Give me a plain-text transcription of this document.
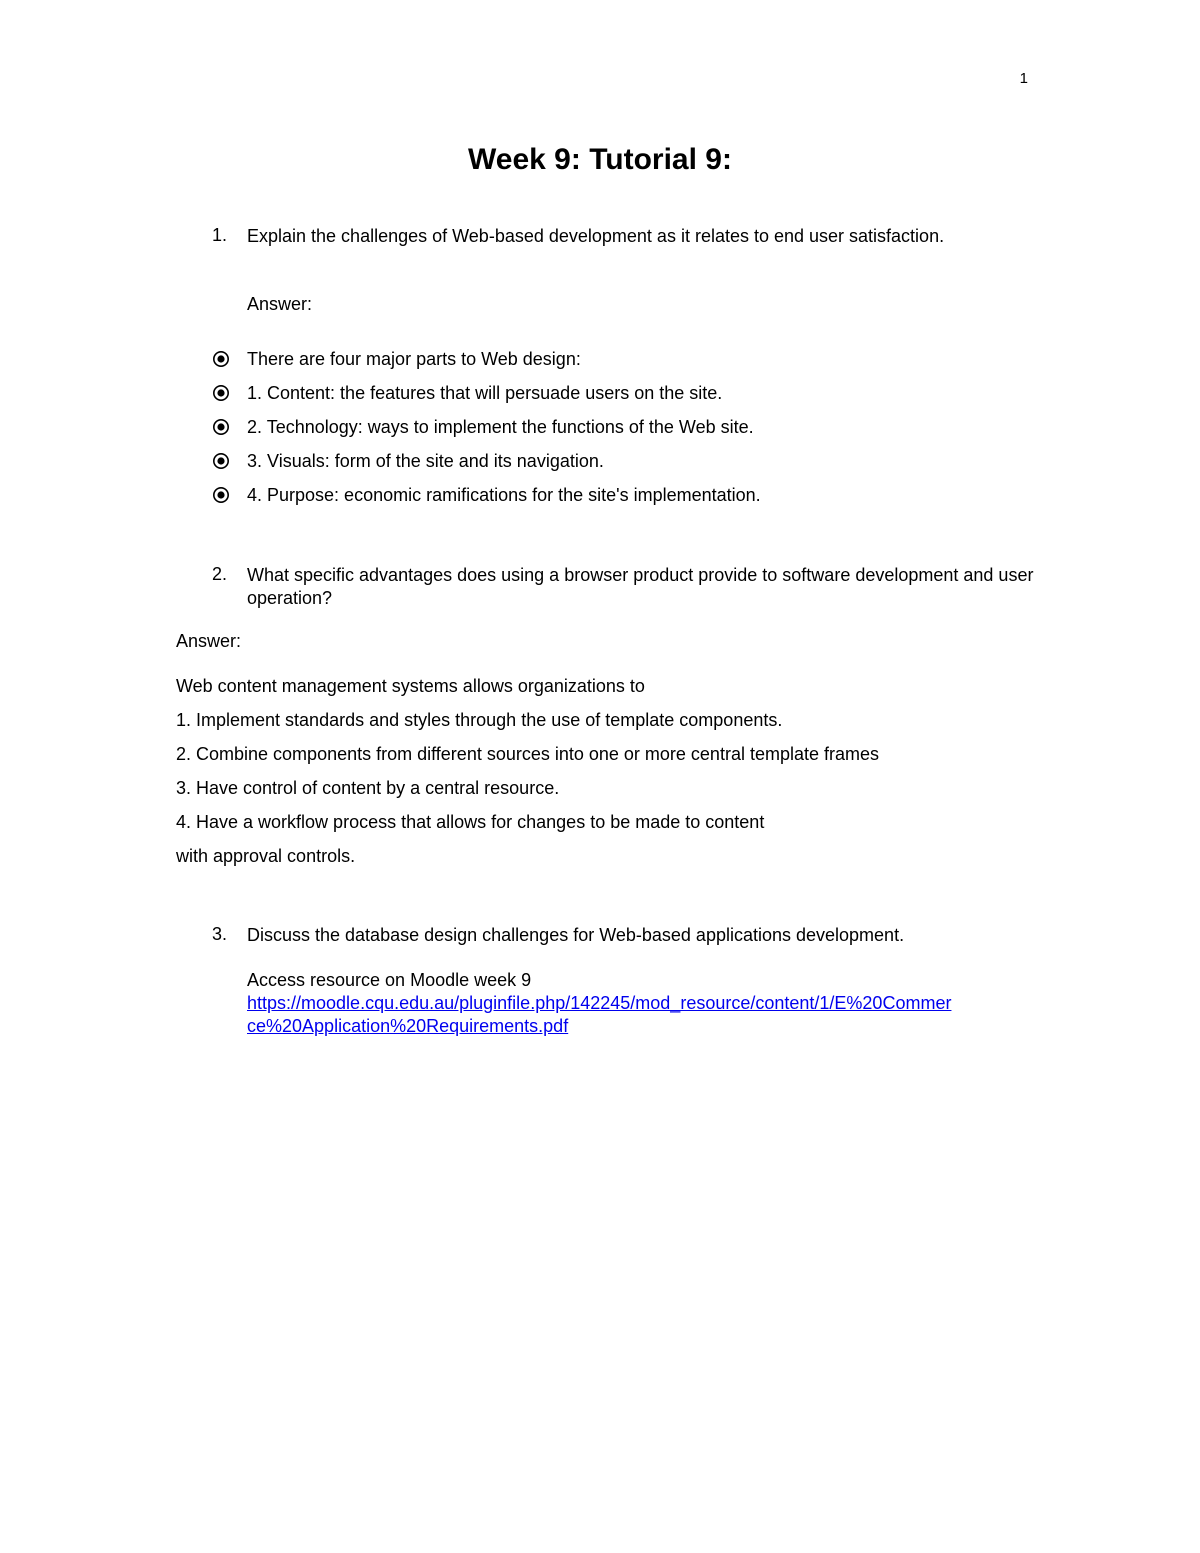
1
Week 9: Tutorial 9:
1.	Explain the challenges of Web-based development as it relates to end user satisfaction.
Answer:
There are four major parts to Web design:
1. Content: the features that will persuade users on the site.
2. Technology: ways to implement the functions of the Web site.
3. Visuals: form of the site and its navigation.
4. Purpose: economic ramifications for the site's implementation.
2.	What specific advantages does using a browser product provide to software development and user operation?
Answer:
Web content management systems allows organizations to
1. Implement standards and styles through the use of template components.
2. Combine components from different sources into one or more central template frames
3. Have control of content by a central resource.
4. Have a workflow process that allows for changes to be made to content
with approval controls.
3.	Discuss the database design challenges for Web-based applications development.
Access resource on Moodle week 9
https://moodle.cqu.edu.au/pluginfile.php/142245/mod_resource/content/1/E%20Commer
ce%20Application%20Requirements.pdf
